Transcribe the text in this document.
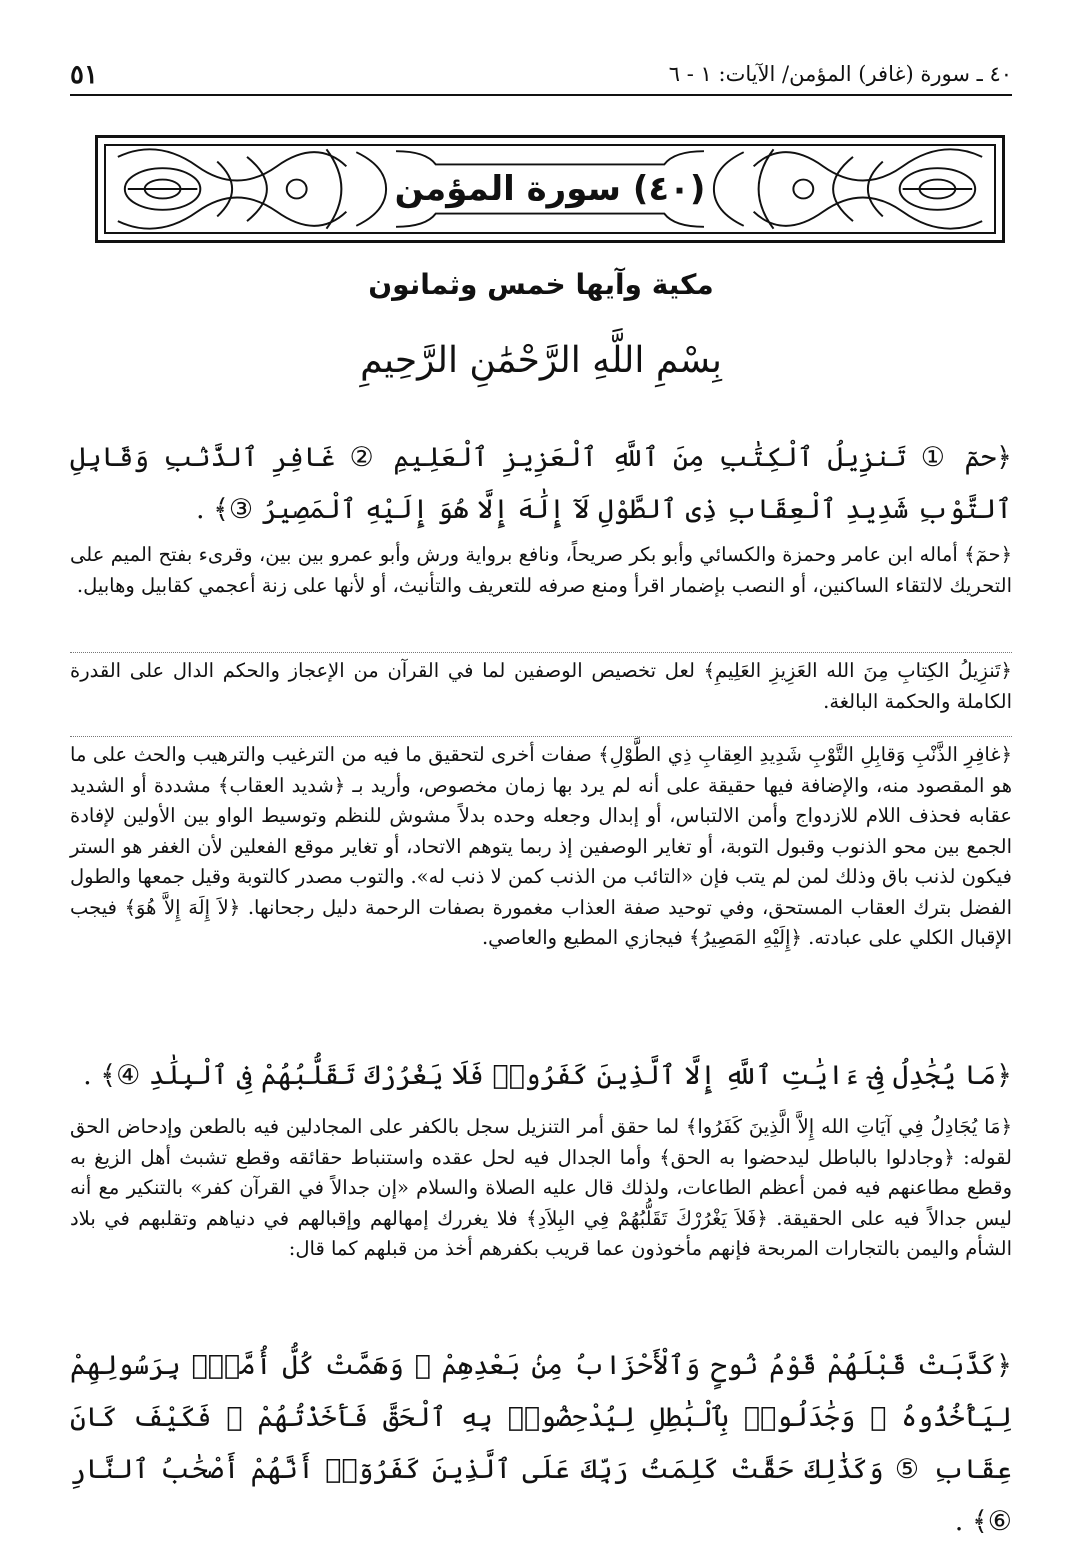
٥١	٤٠ ـ سورة (غافر) المؤمن/ الآيات: ١ - ٦
(٤٠) سورة المؤمن
مكية وآيها خمس وثمانون
بِسْمِ اللَّهِ الرَّحْمَٰنِ الرَّحِيمِ
﴿حمٓ ① تَنزِيلُ ٱلْكِتَٰبِ مِنَ ٱللَّهِ ٱلْعَزِيزِ ٱلْعَلِيمِ ② غَافِرِ ٱلذَّنۢبِ وَقَابِلِ ٱلتَّوْبِ شَدِيدِ ٱلْعِقَابِ ذِى ٱلطَّوْلِ لَآ إِلَٰهَ إِلَّا هُوَ إِلَيْهِ ٱلْمَصِيرُ ③﴾ .
﴿حمٓ﴾ أماله ابن عامر وحمزة والكسائي وأبو بكر صريحاً، ونافع برواية ورش وأبو عمرو بين بين، وقرىء بفتح الميم على التحريك لالتقاء الساكنين، أو النصب بإضمار اقرأ ومنع صرفه للتعريف والتأنيث، أو لأنها على زنة أعجمي كقابيل وهابيل.
﴿تَنزِيلُ الكِتابِ مِنَ الله العَزِيزِ العَلِيمِ﴾ لعل تخصيص الوصفين لما في القرآن من الإعجاز والحكم الدال على القدرة الكاملة والحكمة البالغة.
﴿غافِرِ الذَّنْبِ وَقابِلِ التَّوْبِ شَدِيدِ العِقابِ ذِي الطَّوْلِ﴾ صفات أخرى لتحقيق ما فيه من الترغيب والترهيب والحث على ما هو المقصود منه، والإضافة فيها حقيقة على أنه لم يرد بها زمان مخصوص، وأريد بـ ﴿شديد العقاب﴾ مشددة أو الشديد عقابه فحذف اللام للازدواج وأمن الالتباس، أو إبدال وجعله وحده بدلاً مشوش للنظم وتوسيط الواو بين الأولين لإفادة الجمع بين محو الذنوب وقبول التوبة، أو تغاير الوصفين إذ ربما يتوهم الاتحاد، أو تغاير موقع الفعلين لأن الغفر هو الستر فيكون لذنب باق وذلك لمن لم يتب فإن «التائب من الذنب كمن لا ذنب له». والتوب مصدر كالتوبة وقيل جمعها والطول الفضل بترك العقاب المستحق، وفي توحيد صفة العذاب مغمورة بصفات الرحمة دليل رجحانها. ﴿لاَ إِلَهَ إِلاَّ هُوَ﴾ فيجب الإقبال الكلي على عبادته. ﴿إِلَيْهِ المَصِيرُ﴾ فيجازي المطيع والعاصي.
﴿مَا يُجَٰدِلُ فِىٓ ءَايَٰتِ ٱللَّهِ إِلَّا ٱلَّذِينَ كَفَرُوا۟ فَلَا يَغْرُرْكَ تَقَلُّبُهُمْ فِى ٱلْبِلَٰدِ ④﴾ .
﴿مَا يُجَادِلُ فِي آيَاتِ الله إِلاَّ الَّذِينَ كَفَرُوا﴾ لما حقق أمر التنزيل سجل بالكفر على المجادلين فيه بالطعن وإدحاض الحق لقوله: ﴿وجادلوا بالباطل ليدحضوا به الحق﴾ وأما الجدال فيه لحل عقده واستنباط حقائقه وقطع تشبث أهل الزيغ به وقطع مطاعنهم فيه فمن أعظم الطاعات، ولذلك قال عليه الصلاة والسلام «إن جدالاً في القرآن كفر» بالتنكير مع أنه ليس جدالاً فيه على الحقيقة. ﴿فَلاَ يَغْرُرْكَ تَقَلُّبُهُمْ فِي البِلاَدِ﴾ فلا يغررك إمهالهم وإقبالهم في دنياهم وتقلبهم في بلاد الشأم واليمن بالتجارات المربحة فإنهم مأخوذون عما قريب بكفرهم أخذ من قبلهم كما قال:
﴿كَذَّبَتْ قَبْلَهُمْ قَوْمُ نُوحٍ وَٱلْأَحْزَابُ مِنۢ بَعْدِهِمْ ۖ وَهَمَّتْ كُلُّ أُمَّةٍۭ بِرَسُولِهِمْ لِيَأْخُذُوهُ ۖ وَجَٰدَلُوا۟ بِٱلْبَٰطِلِ لِيُدْحِضُوا۟ بِهِ ٱلْحَقَّ فَأَخَذْتُهُمْ ۖ فَكَيْفَ كَانَ عِقَابِ ⑤ وَكَذَٰلِكَ حَقَّتْ كَلِمَتُ رَبِّكَ عَلَى ٱلَّذِينَ كَفَرُوٓا۟ أَنَّهُمْ أَصْحَٰبُ ٱلنَّارِ ⑥﴾ .
